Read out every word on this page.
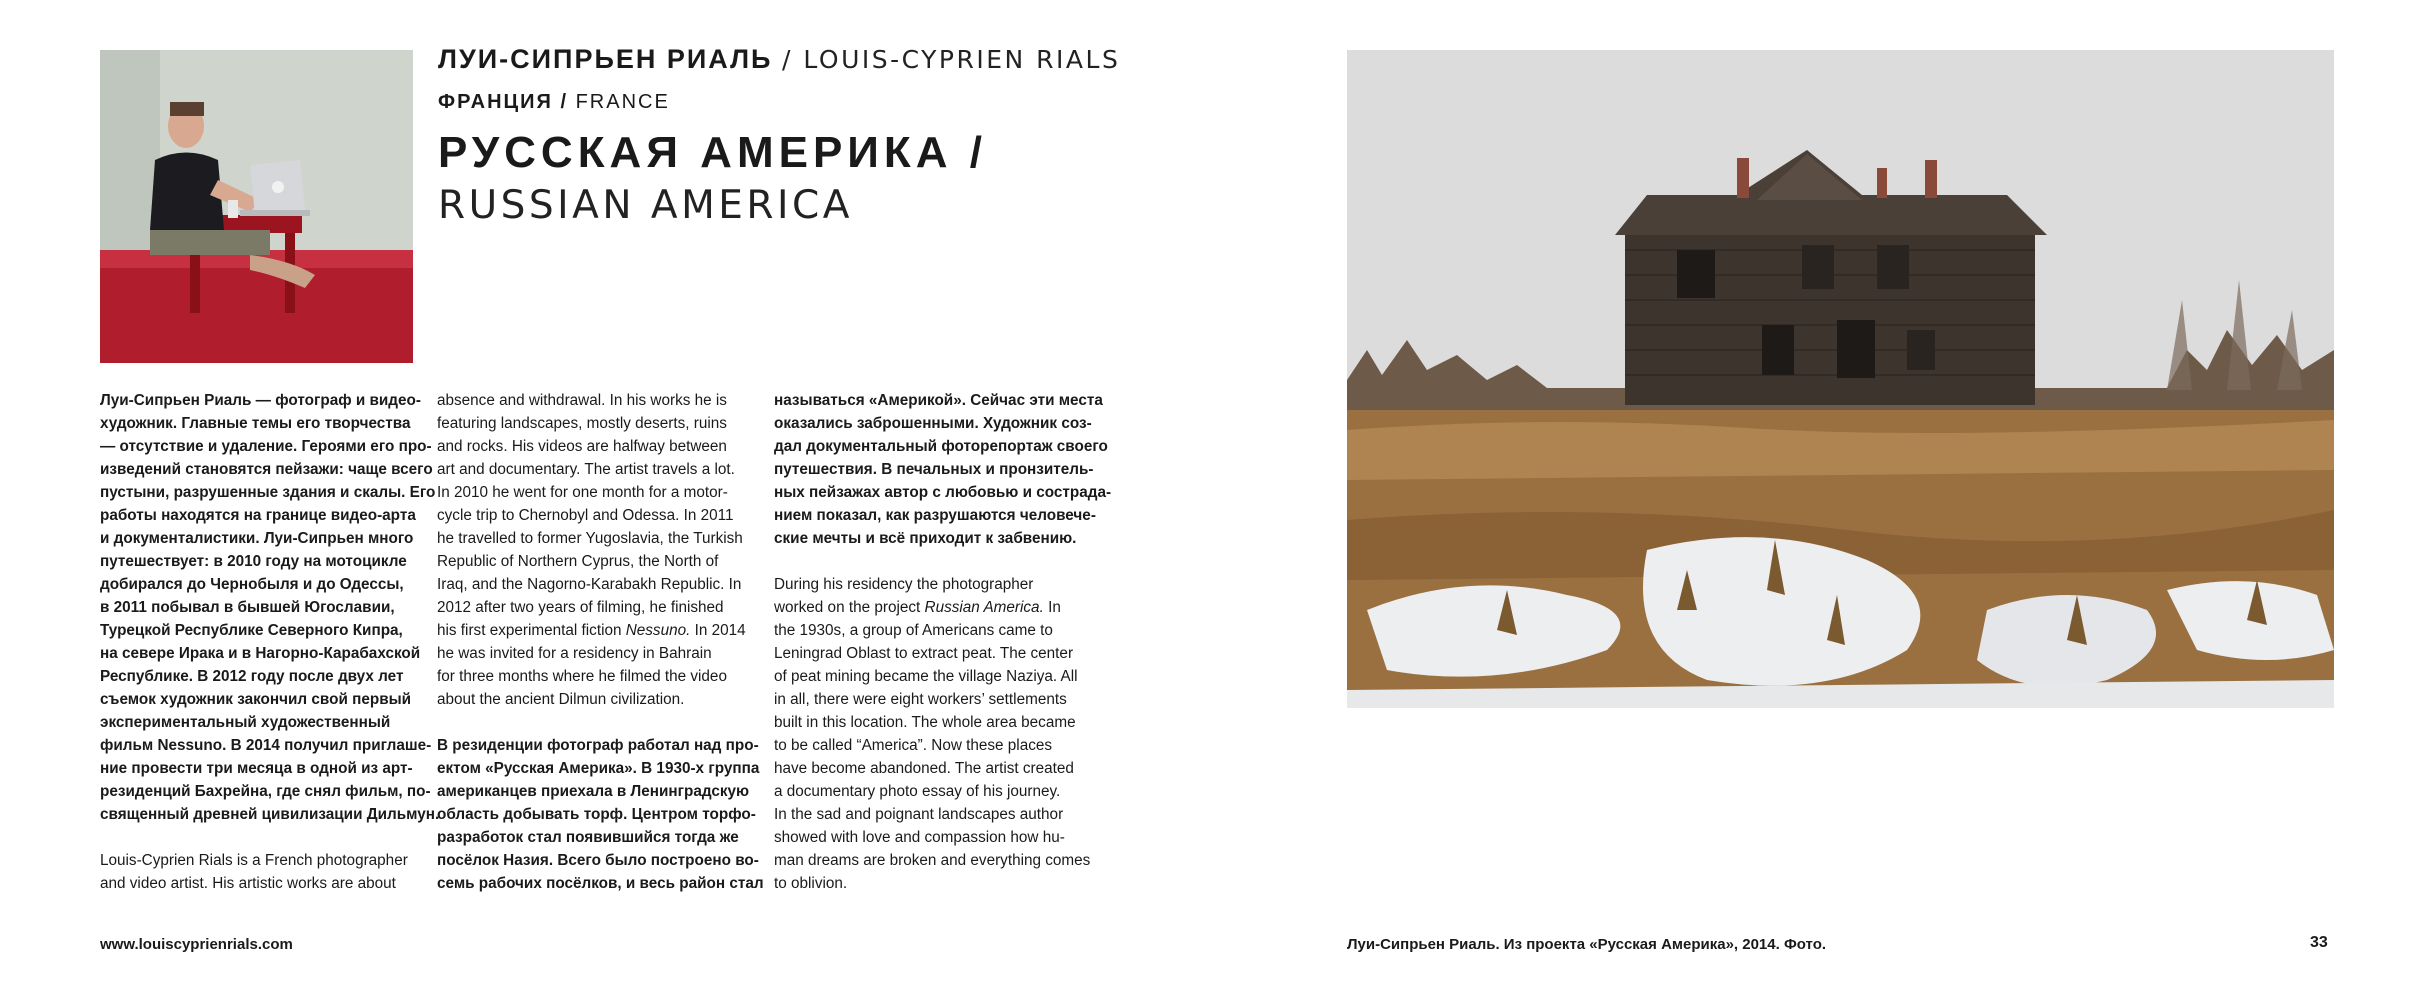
ЛУИ-СИПРЬЕН РИАЛЬ / LOUIS-CYPRIEN RIALS
ФРАНЦИЯ / FRANCE
РУССКАЯ АМЕРИКА /
RUSSIAN AMERICA

Луи-Сипрьен Риаль — фотограф и видео-

художник. Главные темы его творчества

— отсутствие и удаление. Героями его про-

изведений становятся пейзажи: чаще всего

пустыни, разрушенные здания и скалы. Его

работы находятся на границе видео-арта

и документалистики. Луи-Сипрьен много

путешествует: в 2010 году на мотоцикле

добирался до Чернобыля и до Одессы,

в 2011 побывал в бывшей Югославии,

Турецкой Республике Северного Кипра,

на севере Ирака и в Нагорно-Карабахской

Республике. В 2012 году после двух лет

съемок художник закончил свой первый

экспериментальный художественный

фильм Nessuno. В 2014 получил приглаше-

ние провести три месяца в одной из арт-

резиденций Бахрейна, где снял фильм, по-

священный древней цивилизации Дильмун.

Louis-Cyprien Rials is a French photographer

and video artist. His artistic works are about

absence and withdrawal. In his works he is

featuring landscapes, mostly deserts, ruins

and rocks. His videos are halfway between

art and documentary. The artist travels a lot.

In 2010 he went for one month for a motor-

cycle trip to Chernobyl and Odessa. In 2011

he travelled to former Yugoslavia, the Turkish

Republic of Northern Cyprus, the North of

Iraq, and the Nagorno-Karabakh Republic. In

2012 after two years of filming, he finished

his first experimental fiction Nessuno. In 2014

he was invited for a residency in Bahrain

for three months where he filmed the video

about the ancient Dilmun civilization.

В резиденции фотограф работал над про-

ектом «Русская Америка». В 1930-х группа

американцев приехала в Ленинградскую

область добывать торф. Центром торфо-

разработок стал появившийся тогда же

посёлок Назия. Всего было построено во-

семь рабочих посёлков, и весь район стал

называться «Америкой». Сейчас эти места

оказались заброшенными. Художник соз-

дал документальный фоторепортаж своего

путешествия. В печальных и пронзитель-

ных пейзажах автор с любовью и сострада-

нием показал, как разрушаются человече-

ские мечты и всё приходит к забвению.

During his residency the photographer

worked on the project Russian America. In

the 1930s, a group of Americans came to

Leningrad Oblast to extract peat. The center

of peat mining became the village Naziya. All

in all, there were eight workers’ settlements

built in this location. The whole area became

to be called “America”. Now these places

have become abandoned. The artist created

a documentary photo essay of his journey.

In the sad and poignant landscapes author

showed with love and compassion how hu-

man dreams are broken and everything comes

to oblivion.

www.louiscyprienrials.com	Луи-Сипрьен Риаль. Из проекта «Русская Америка», 2014. Фото.	33
